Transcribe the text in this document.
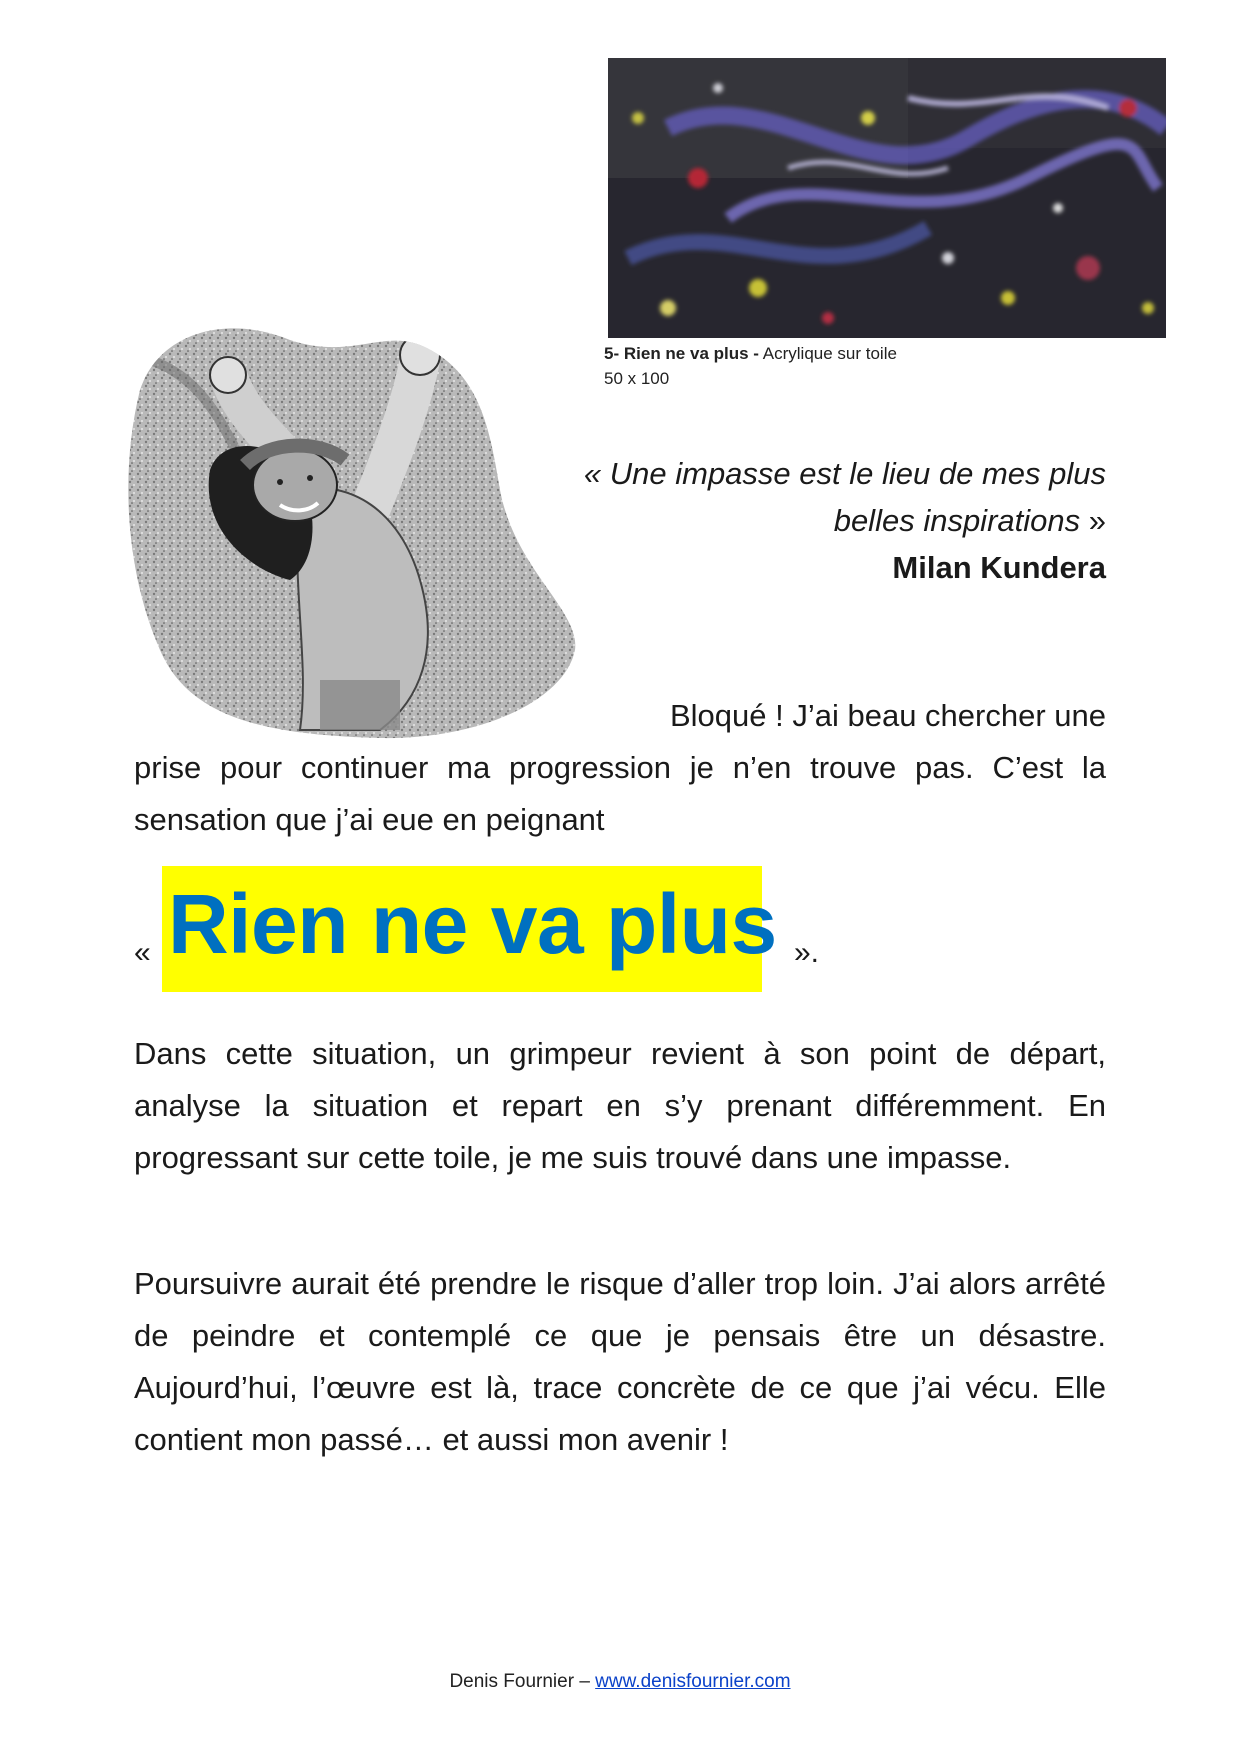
5- Rien ne va plus - Acrylique sur toile
50 x 100
« Une impasse est le lieu de mes plus belles inspirations »
Milan Kundera
Bloqué ! J’ai beau chercher une
prise pour continuer ma progression je n’en trouve pas. C’est la sensation que j’ai eue en peignant
« Rien ne va plus ».
Dans cette situation, un grimpeur revient à son point de départ, analyse la situation et repart en s’y prenant différemment. En progressant sur cette toile, je me suis trouvé dans une impasse.
Poursuivre aurait été prendre le risque d’aller trop loin. J’ai alors arrêté de peindre et contemplé ce que je pensais être un désastre. Aujourd’hui, l’œuvre est là, trace concrète de ce que j’ai vécu. Elle contient mon passé… et aussi mon avenir !
Denis Fournier – www.denisfournier.com
